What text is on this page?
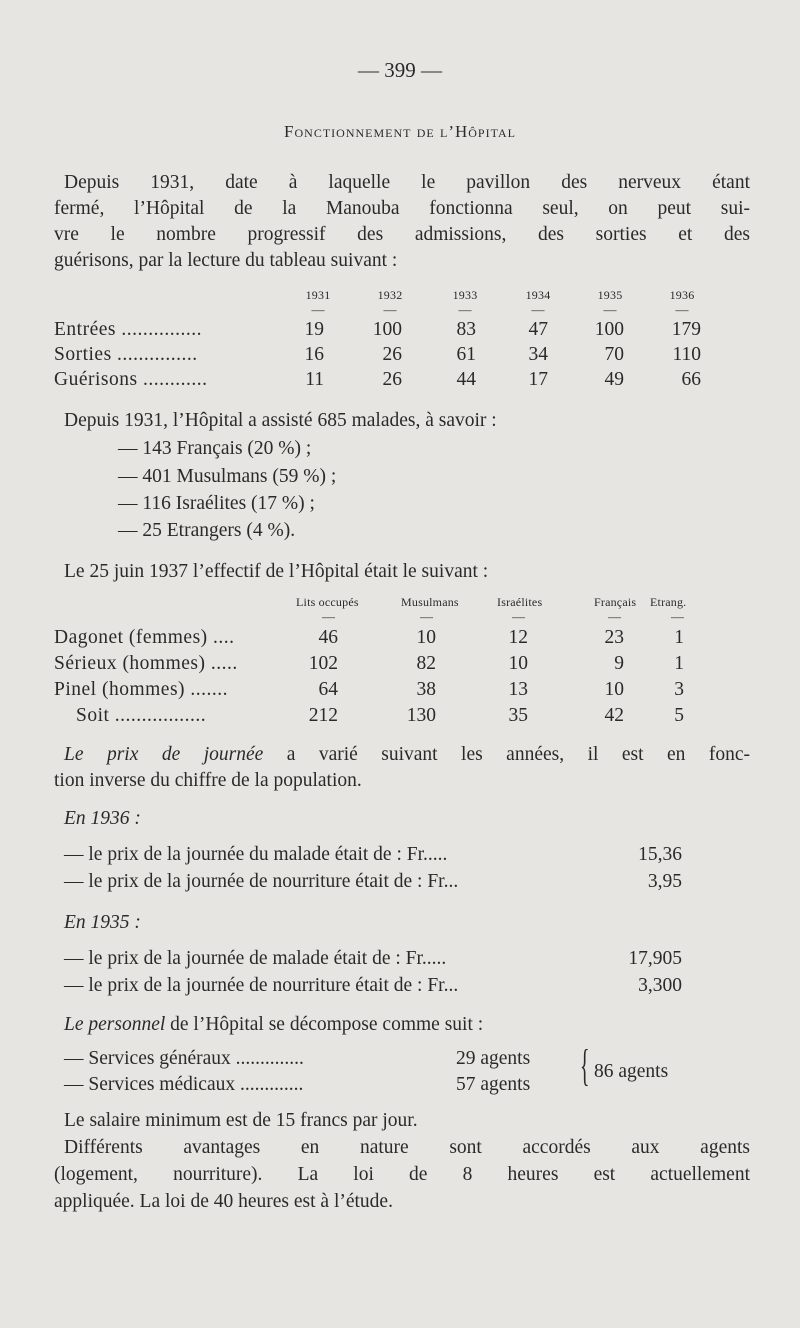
— 399 —
Fonctionnement de l’Hôpital
Depuis 1931, date à laquelle le pavillon des nerveux étant
fermé, l’Hôpital de la Manouba fonctionna seul, on peut sui-
vre le nombre progressif des admissions, des sorties et des
guérisons, par la lecture du tableau suivant :
1931	1932	1933	1934	1935	1936
—	—	—	—	—	—
Entrées ...............	19	100	83	47	100	179
Sorties ...............	16	26	61	34	70	110
Guérisons ............	11	26	44	17	49	66
Depuis 1931, l’Hôpital a assisté 685 malades, à savoir :
— 143 Français (20 %) ;
— 401 Musulmans (59 %) ;
— 116 Israélites (17 %) ;
— 25 Etrangers (4 %).
Le 25 juin 1937 l’effectif de l’Hôpital était le suivant :
Lits occupés	Musulmans	Israélites	Français Etrang.
—	—	—	—	—
Dagonet (femmes) ....	46	10	12	23	1
Sérieux (hommes) .....	102	82	10	9	1
Pinel (hommes) .......	64	38	13	10	3
Soit .................	212	130	35	42	5
Le prix de journée a varié suivant les années, il est en fonc-
tion inverse du chiffre de la population.
En 1936 :
— le prix de la journée du malade était de : Fr.....	15,36
— le prix de la journée de nourriture était de : Fr...	3,95
En 1935 :
— le prix de la journée de malade était de : Fr.....	17,905
— le prix de la journée de nourriture était de : Fr...	3,300
Le personnel de l’Hôpital se décompose comme suit :
— Services généraux ..............	29 agents
— Services médicaux .............	57 agents { 86 agents
Le salaire minimum est de 15 francs par jour.
Différents avantages en nature sont accordés aux agents
(logement, nourriture). La loi de 8 heures est actuellement
appliquée. La loi de 40 heures est à l’étude.
